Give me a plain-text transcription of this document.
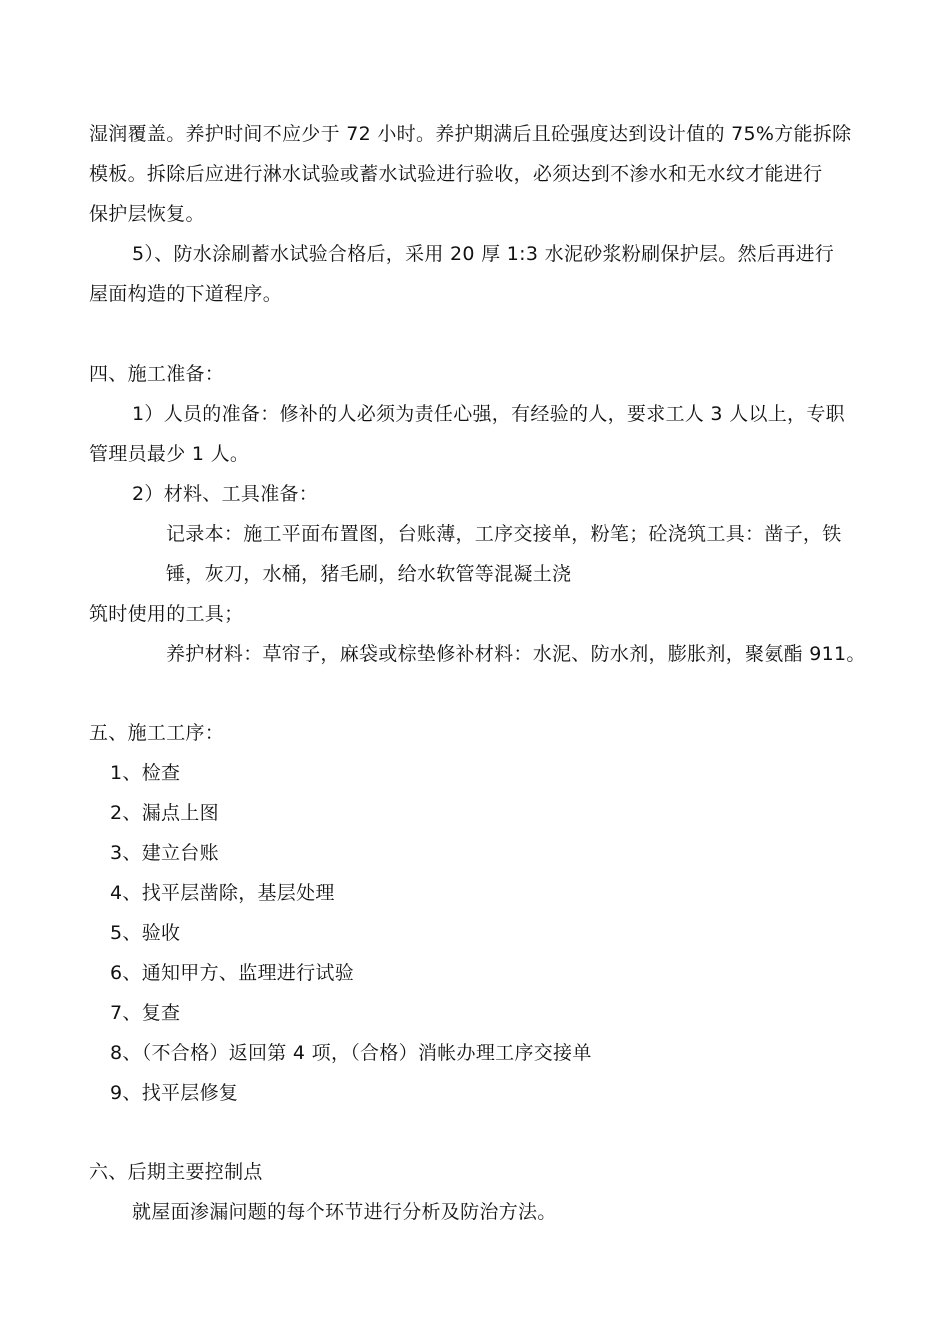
湿润覆盖。养护时间不应少于 72 小时。养护期满后且砼强度达到设计值的 75%方能拆除
模板。拆除后应进行淋水试验或蓄水试验进行验收，必须达到不渗水和无水纹才能进行
保护层恢复。
5）、防水涂刷蓄水试验合格后，采用 20 厚 1:3 水泥砂浆粉刷保护层。然后再进行
屋面构造的下道程序。
四、施工准备：
1）人员的准备：修补的人必须为责任心强，有经验的人，要求工人 3 人以上，专职
管理员最少 1 人。
2）材料、工具准备：
记录本：施工平面布置图，台账薄，工序交接单，粉笔；砼浇筑工具：凿子，铁
锤，灰刀，水桶，猪毛刷，给水软管等混凝土浇
筑时使用的工具；
养护材料：草帘子，麻袋或棕垫修补材料：水泥、防水剂，膨胀剂，聚氨酯 911。
五、施工工序：
1、检查
2、漏点上图
3、建立台账
4、找平层凿除，基层处理
5、验收
6、通知甲方、监理进行试验
7、复查
8、（不合格）返回第 4 项，（合格）消帐办理工序交接单
9、找平层修复
六、后期主要控制点
就屋面渗漏问题的每个环节进行分析及防治方法。
